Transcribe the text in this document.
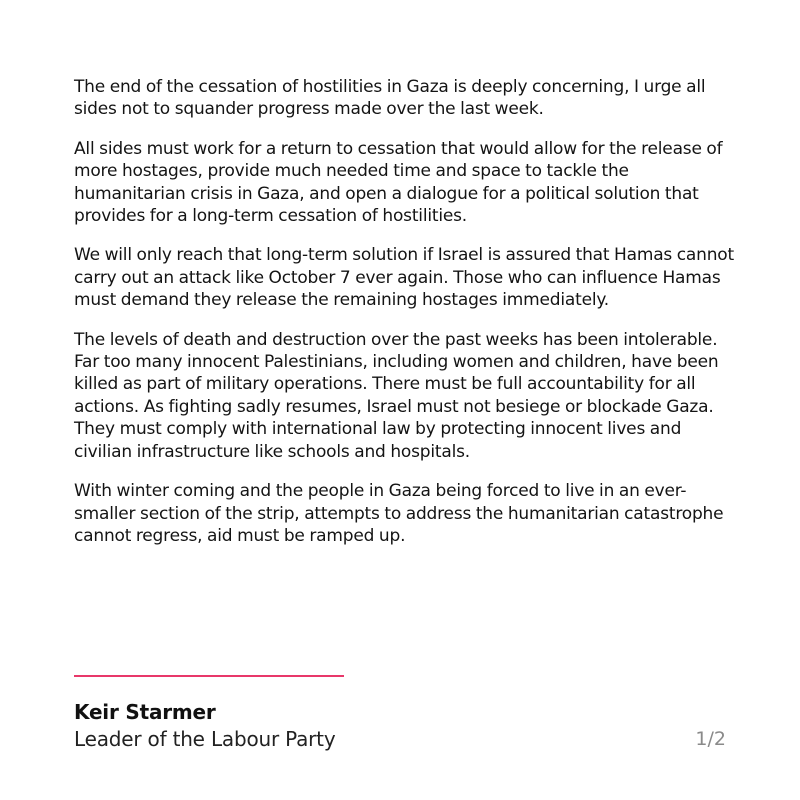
The end of the cessation of hostilities in Gaza is deeply concerning, I urge all sides not to squander progress made over the last week.

All sides must work for a return to cessation that would allow for the release of more hostages, provide much needed time and space to tackle the humanitarian crisis in Gaza, and open a dialogue for a political solution that provides for a long-term cessation of hostilities.

We will only reach that long-term solution if Israel is assured that Hamas cannot carry out an attack like October 7 ever again. Those who can influence Hamas must demand they release the remaining hostages immediately.

The levels of death and destruction over the past weeks has been intolerable. Far too many innocent Palestinians, including women and children, have been killed as part of military operations. There must be full accountability for all actions. As fighting sadly resumes, Israel must not besiege or blockade Gaza. They must comply with international law by protecting innocent lives and civilian infrastructure like schools and hospitals.

With winter coming and the people in Gaza being forced to live in an ever-smaller section of the strip, attempts to address the humanitarian catastrophe cannot regress, aid must be ramped up.

Keir Starmer

Leader of the Labour Party	1/2
